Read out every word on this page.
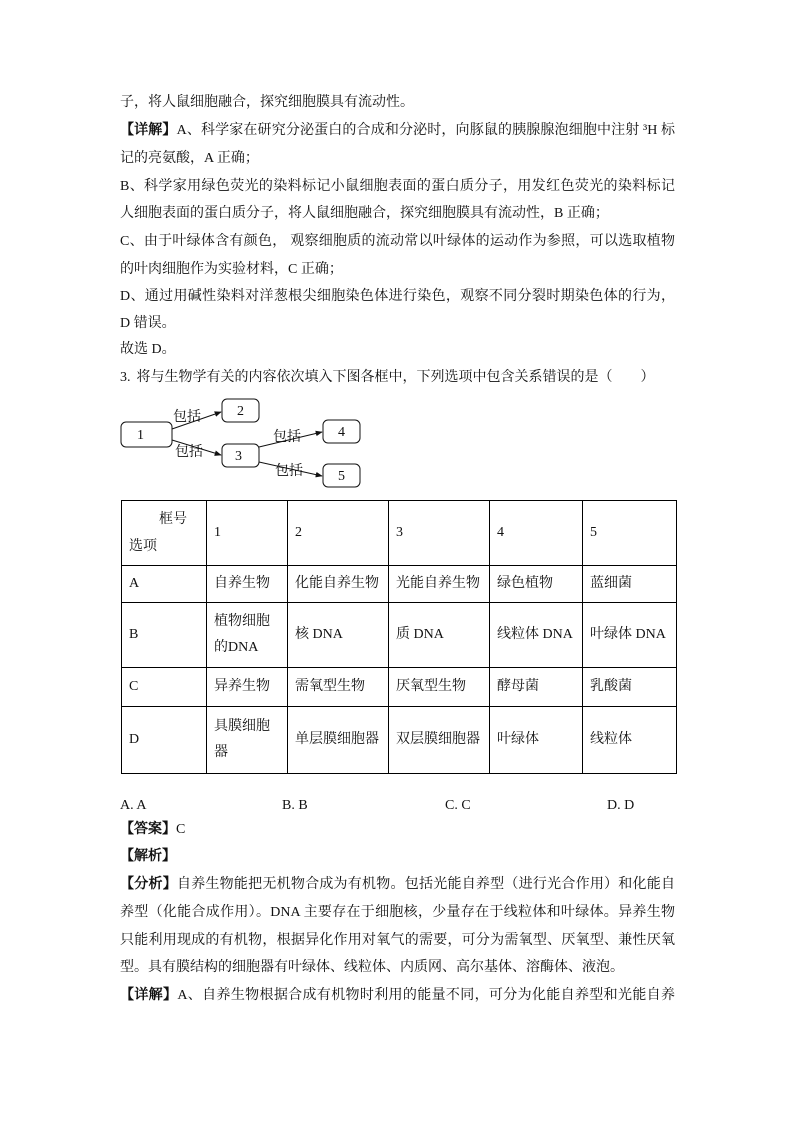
子，将人鼠细胞融合，探究细胞膜具有流动性。
【详解】A、科学家在研究分泌蛋白的合成和分泌时，向豚鼠的胰腺腺泡细胞中注射 ³H 标
记的亮氨酸，A 正确；
B、科学家用绿色荧光的染料标记小鼠细胞表面的蛋白质分子，用发红色荧光的染料标记
人细胞表面的蛋白质分子，将人鼠细胞融合，探究细胞膜具有流动性，B 正确；
C、由于叶绿体含有颜色， 观察细胞质的流动常以叶绿体的运动作为参照，可以选取植物
的叶肉细胞作为实验材料，C 正确；
D、通过用碱性染料对洋葱根尖细胞染色体进行染色，观察不同分裂时期染色体的行为，
D 错误。
故选 D。
3. 将与生物学有关的内容依次填入下图各框中，下列选项中包含关系错误的是（　　）
1
2
3
4
5
包括
包括
包括
包括
框号
选项	1	2	3	4	5
A	自养生物	化能自养生物	光能自养生物	绿色植物	蓝细菌
B	植物细胞的DNA	核 DNA	质 DNA	线粒体 DNA	叶绿体 DNA
C	异养生物	需氧型生物	厌氧型生物	酵母菌	乳酸菌
D	具膜细胞器	单层膜细胞器	双层膜细胞器	叶绿体	线粒体
A. A	B. B	C. C	D. D
【答案】C
【解析】
【分析】自养生物能把无机物合成为有机物。包括光能自养型（进行光合作用）和化能自
养型（化能合成作用）。DNA 主要存在于细胞核，少量存在于线粒体和叶绿体。异养生物
只能利用现成的有机物，根据异化作用对氧气的需要，可分为需氧型、厌氧型、兼性厌氧
型。具有膜结构的细胞器有叶绿体、线粒体、内质网、高尔基体、溶酶体、液泡。
【详解】A、自养生物根据合成有机物时利用的能量不同，可分为化能自养型和光能自养
